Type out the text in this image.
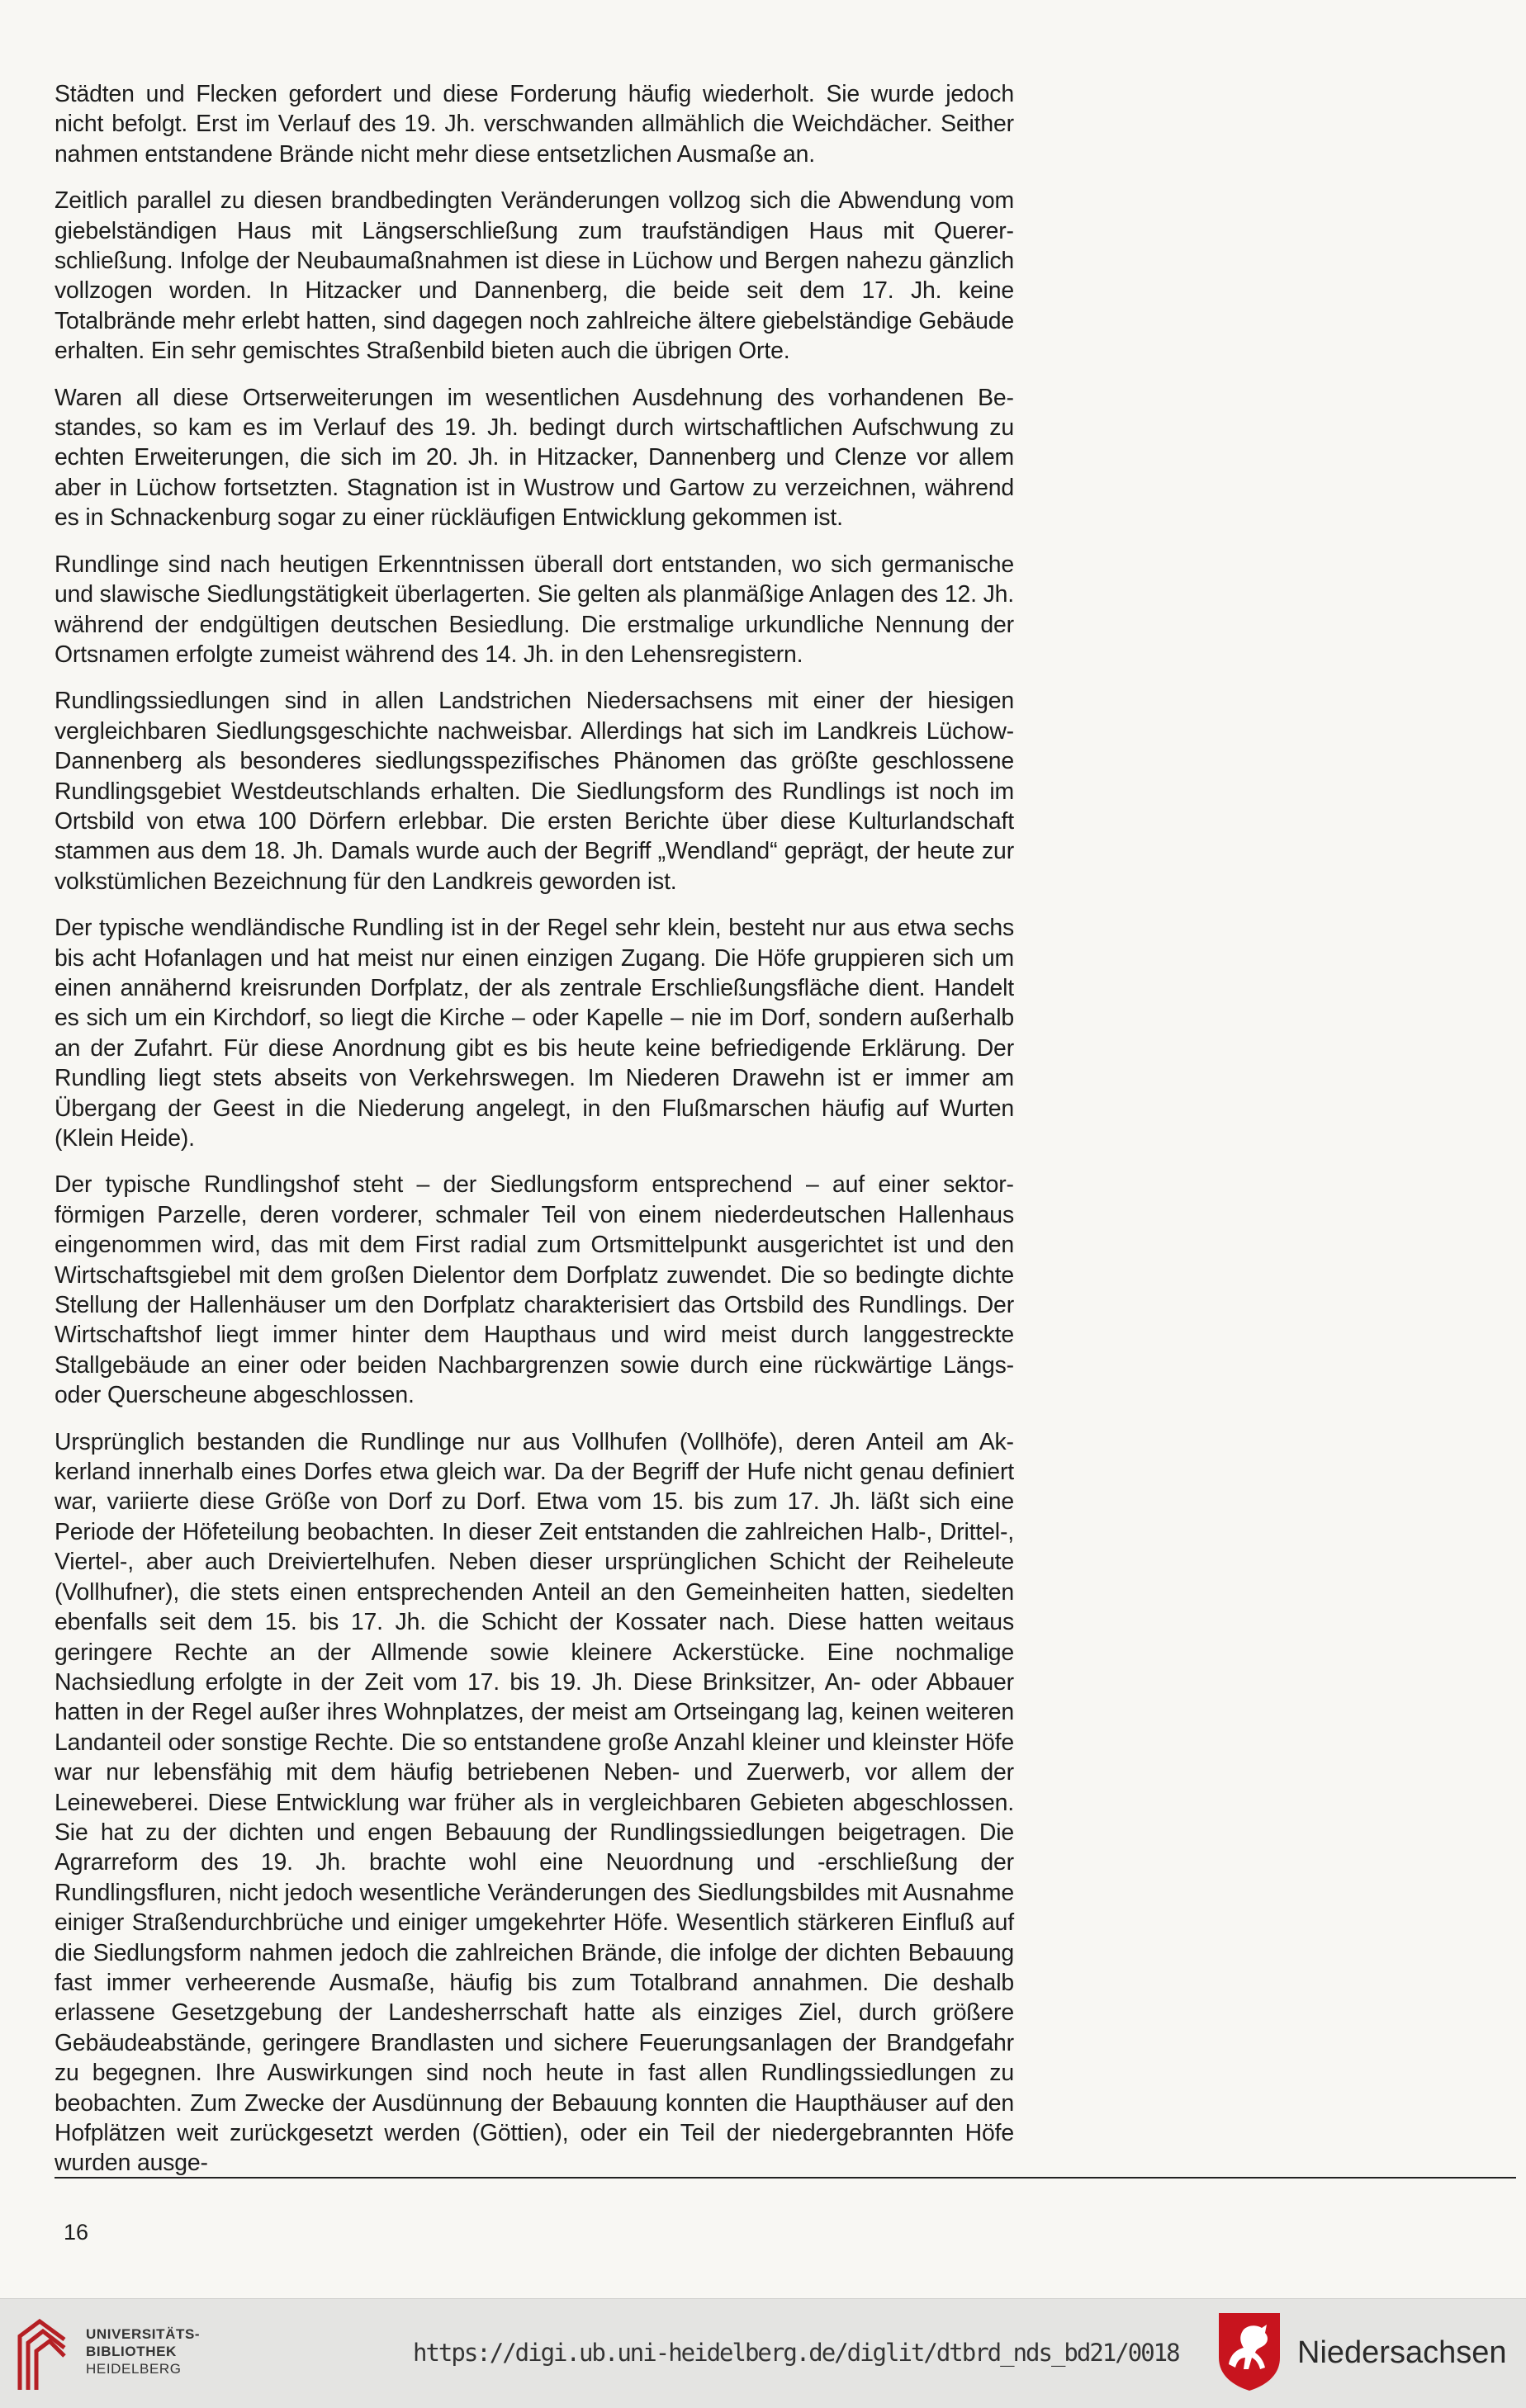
Städten und Flecken gefordert und diese Forderung häufig wiederholt. Sie wurde jedoch nicht befolgt. Erst im Verlauf des 19. Jh. verschwanden allmählich die Weichdächer. Seither nahmen entstandene Brände nicht mehr diese entsetzlichen Ausmaße an.

Zeitlich parallel zu diesen brandbedingten Veränderungen vollzog sich die Abwendung vom giebelständigen Haus mit Längserschließung zum traufständigen Haus mit Quererschließung. Infolge der Neubaumaßnahmen ist diese in Lüchow und Bergen nahezu gänzlich vollzogen worden. In Hitzacker und Dannenberg, die beide seit dem 17. Jh. keine Totalbrände mehr erlebt hatten, sind dagegen noch zahlreiche ältere giebelständige Gebäude erhalten. Ein sehr gemischtes Straßenbild bieten auch die übrigen Orte.

Waren all diese Ortserweiterungen im wesentlichen Ausdehnung des vorhandenen Bestandes, so kam es im Verlauf des 19. Jh. bedingt durch wirtschaftlichen Aufschwung zu echten Erweiterungen, die sich im 20. Jh. in Hitzacker, Dannenberg und Clenze vor allem aber in Lüchow fortsetzten. Stagnation ist in Wustrow und Gartow zu verzeichnen, während es in Schnackenburg sogar zu einer rückläufigen Entwicklung gekommen ist.

Rundlinge sind nach heutigen Erkenntnissen überall dort entstanden, wo sich germanische und slawische Siedlungstätigkeit überlagerten. Sie gelten als planmäßige Anlagen des 12. Jh. während der endgültigen deutschen Besiedlung. Die erstmalige urkundliche Nennung der Ortsnamen erfolgte zumeist während des 14. Jh. in den Lehensregistern.

Rundlingssiedlungen sind in allen Landstrichen Niedersachsens mit einer der hiesigen vergleichbaren Siedlungsgeschichte nachweisbar. Allerdings hat sich im Landkreis Lüchow-Dannenberg als besonderes siedlungsspezifisches Phänomen das größte geschlossene Rundlingsgebiet Westdeutschlands erhalten. Die Siedlungsform des Rundlings ist noch im Ortsbild von etwa 100 Dörfern erlebbar. Die ersten Berichte über diese Kulturlandschaft stammen aus dem 18. Jh. Damals wurde auch der Begriff „Wendland“ geprägt, der heute zur volkstümlichen Bezeichnung für den Landkreis geworden ist.

Der typische wendländische Rundling ist in der Regel sehr klein, besteht nur aus etwa sechs bis acht Hofanlagen und hat meist nur einen einzigen Zugang. Die Höfe gruppieren sich um einen annähernd kreisrunden Dorfplatz, der als zentrale Erschließungsfläche dient. Handelt es sich um ein Kirchdorf, so liegt die Kirche – oder Kapelle – nie im Dorf, sondern außerhalb an der Zufahrt. Für diese Anordnung gibt es bis heute keine befriedigende Erklärung. Der Rundling liegt stets abseits von Verkehrswegen. Im Niederen Drawehn ist er immer am Übergang der Geest in die Niederung angelegt, in den Flußmarschen häufig auf Wurten (Klein Heide).

Der typische Rundlingshof steht – der Siedlungsform entsprechend – auf einer sektorförmigen Parzelle, deren vorderer, schmaler Teil von einem niederdeutschen Hallenhaus eingenommen wird, das mit dem First radial zum Ortsmittelpunkt ausgerichtet ist und den Wirtschaftsgiebel mit dem großen Dielentor dem Dorfplatz zuwendet. Die so bedingte dichte Stellung der Hallenhäuser um den Dorfplatz charakterisiert das Ortsbild des Rundlings. Der Wirtschaftshof liegt immer hinter dem Haupthaus und wird meist durch langgestreckte Stallgebäude an einer oder beiden Nachbargrenzen sowie durch eine rückwärtige Längs- oder Querscheune abgeschlossen.

Ursprünglich bestanden die Rundlinge nur aus Vollhufen (Vollhöfe), deren Anteil am Akkerland innerhalb eines Dorfes etwa gleich war. Da der Begriff der Hufe nicht genau definiert war, variierte diese Größe von Dorf zu Dorf. Etwa vom 15. bis zum 17. Jh. läßt sich eine Periode der Höfeteilung beobachten. In dieser Zeit entstanden die zahlreichen Halb-, Drittel-, Viertel-, aber auch Dreiviertelhufen. Neben dieser ursprünglichen Schicht der Reiheleute (Vollhufner), die stets einen entsprechenden Anteil an den Gemeinheiten hatten, siedelten ebenfalls seit dem 15. bis 17. Jh. die Schicht der Kossater nach. Diese hatten weitaus geringere Rechte an der Allmende sowie kleinere Ackerstücke. Eine nochmalige Nachsiedlung erfolgte in der Zeit vom 17. bis 19. Jh. Diese Brinksitzer, An- oder Abbauer hatten in der Regel außer ihres Wohnplatzes, der meist am Ortseingang lag, keinen weiteren Landanteil oder sonstige Rechte. Die so entstandene große Anzahl kleiner und kleinster Höfe war nur lebensfähig mit dem häufig betriebenen Neben- und Zuerwerb, vor allem der Leineweberei. Diese Entwicklung war früher als in vergleichbaren Gebieten abgeschlossen. Sie hat zu der dichten und engen Bebauung der Rundlingssiedlungen beigetragen. Die Agrarreform des 19. Jh. brachte wohl eine Neuordnung und -erschließung der Rundlingsfluren, nicht jedoch wesentliche Veränderungen des Siedlungsbildes mit Ausnahme einiger Straßendurchbrüche und einiger umgekehrter Höfe. Wesentlich stärkeren Einfluß auf die Siedlungsform nahmen jedoch die zahlreichen Brände, die infolge der dichten Bebauung fast immer verheerende Ausmaße, häufig bis zum Totalbrand annahmen. Die deshalb erlassene Gesetzgebung der Landesherrschaft hatte als einziges Ziel, durch größere Gebäudeabstände, geringere Brandlasten und sichere Feuerungsanlagen der Brandgefahr zu begegnen. Ihre Auswirkungen sind noch heute in fast allen Rundlingssiedlungen zu beobachten. Zum Zwecke der Ausdünnung der Bebauung konnten die Haupthäuser auf den Hofplätzen weit zurückgesetzt werden (Göttien), oder ein Teil der niedergebrannten Höfe wurden ausge-

16
UNIVERSITÄTS-
BIBLIOTHEK
HEIDELBERG
https://digi.ub.uni-heidelberg.de/diglit/dtbrd_nds_bd21/0018	Niedersachsen
